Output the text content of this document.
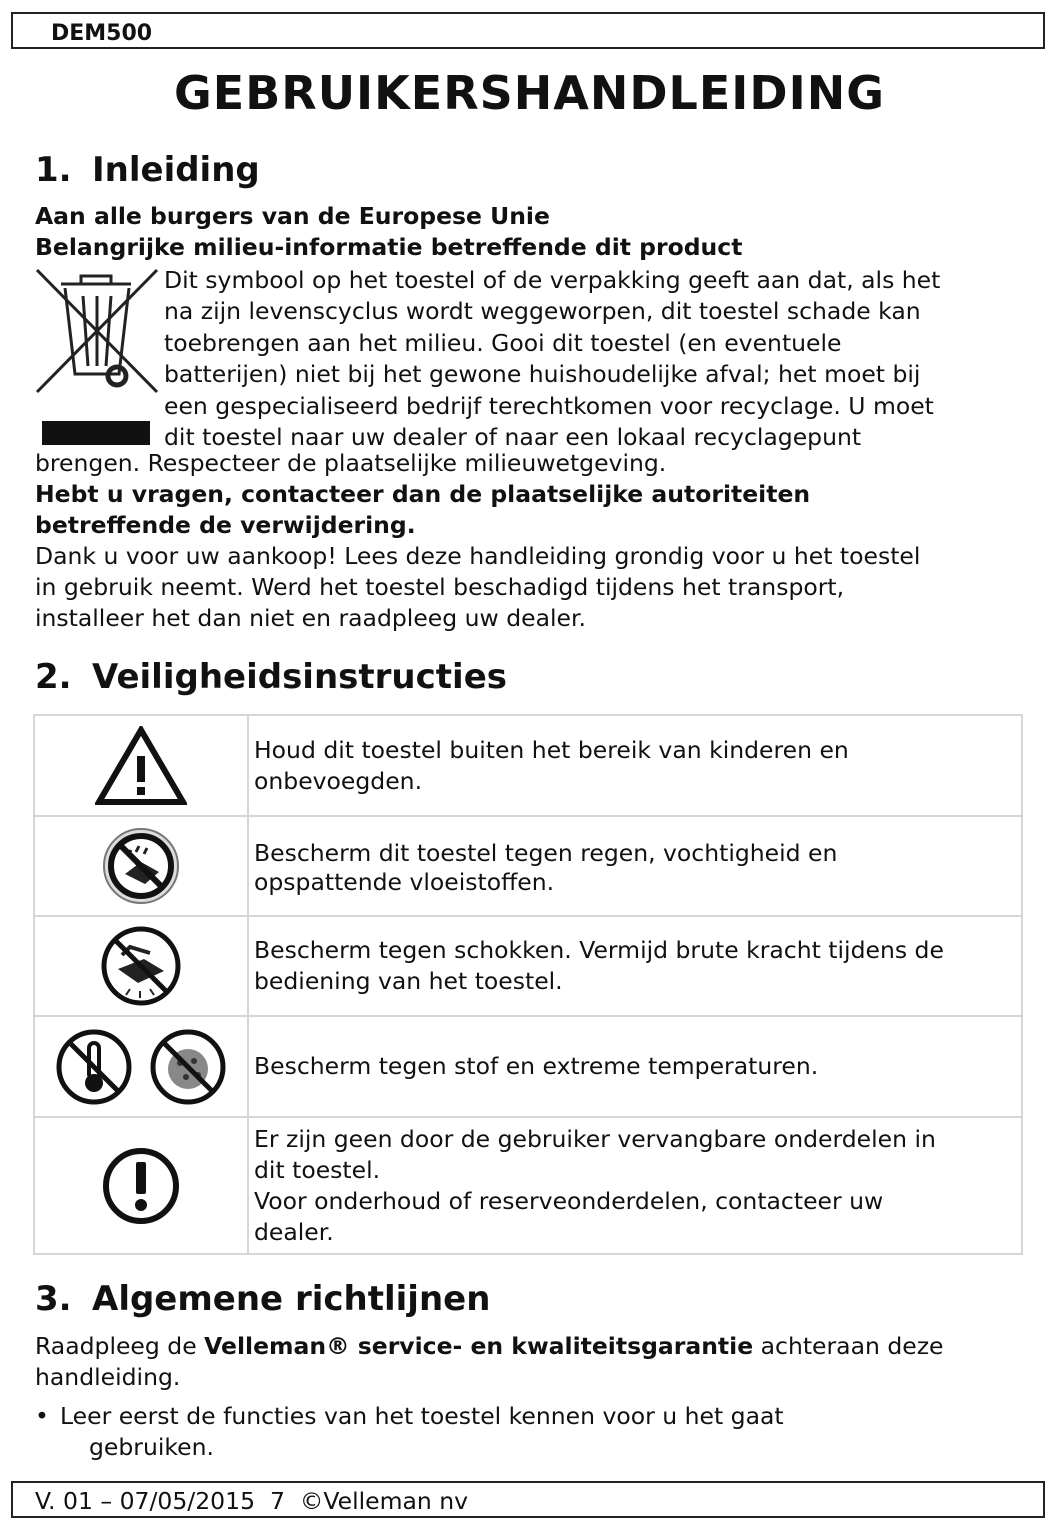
DEM500
GEBRUIKERSHANDLEIDING
1. Inleiding
Aan alle burgers van de Europese Unie
Belangrijke milieu-informatie betreffende dit product
Dit symbool op het toestel of de verpakking geeft aan dat, als het
na zijn levenscyclus wordt weggeworpen, dit toestel schade kan
toebrengen aan het milieu. Gooi dit toestel (en eventuele
batterijen) niet bij het gewone huishoudelijke afval; het moet bij
een gespecialiseerd bedrijf terechtkomen voor recyclage. U moet
dit toestel naar uw dealer of naar een lokaal recyclagepunt
brengen. Respecteer de plaatselijke milieuwetgeving.
Hebt u vragen, contacteer dan de plaatselijke autoriteiten
betreffende de verwijdering.
Dank u voor uw aankoop! Lees deze handleiding grondig voor u het toestel
in gebruik neemt. Werd het toestel beschadigd tijdens het transport,
installeer het dan niet en raadpleeg uw dealer.
2. Veiligheidsinstructies

Houd dit toestel buiten het bereik van kinderen en
onbevoegden.

Bescherm dit toestel tegen regen, vochtigheid en
opspattende vloeistoffen.

Bescherm tegen schokken. Vermijd brute kracht tijdens de
bediening van het toestel.

Bescherm tegen stof en extreme temperaturen.

Er zijn geen door de gebruiker vervangbare onderdelen in
dit toestel.
Voor onderhoud of reserveonderdelen, contacteer uw
dealer.
3. Algemene richtlijnen
Raadpleeg de Velleman® service- en kwaliteitsgarantie achteraan deze
handleiding.
• Leer eerst de functies van het toestel kennen voor u het gaat
gebruiken.
V. 01 – 07/05/2015  7  ©Velleman nv
